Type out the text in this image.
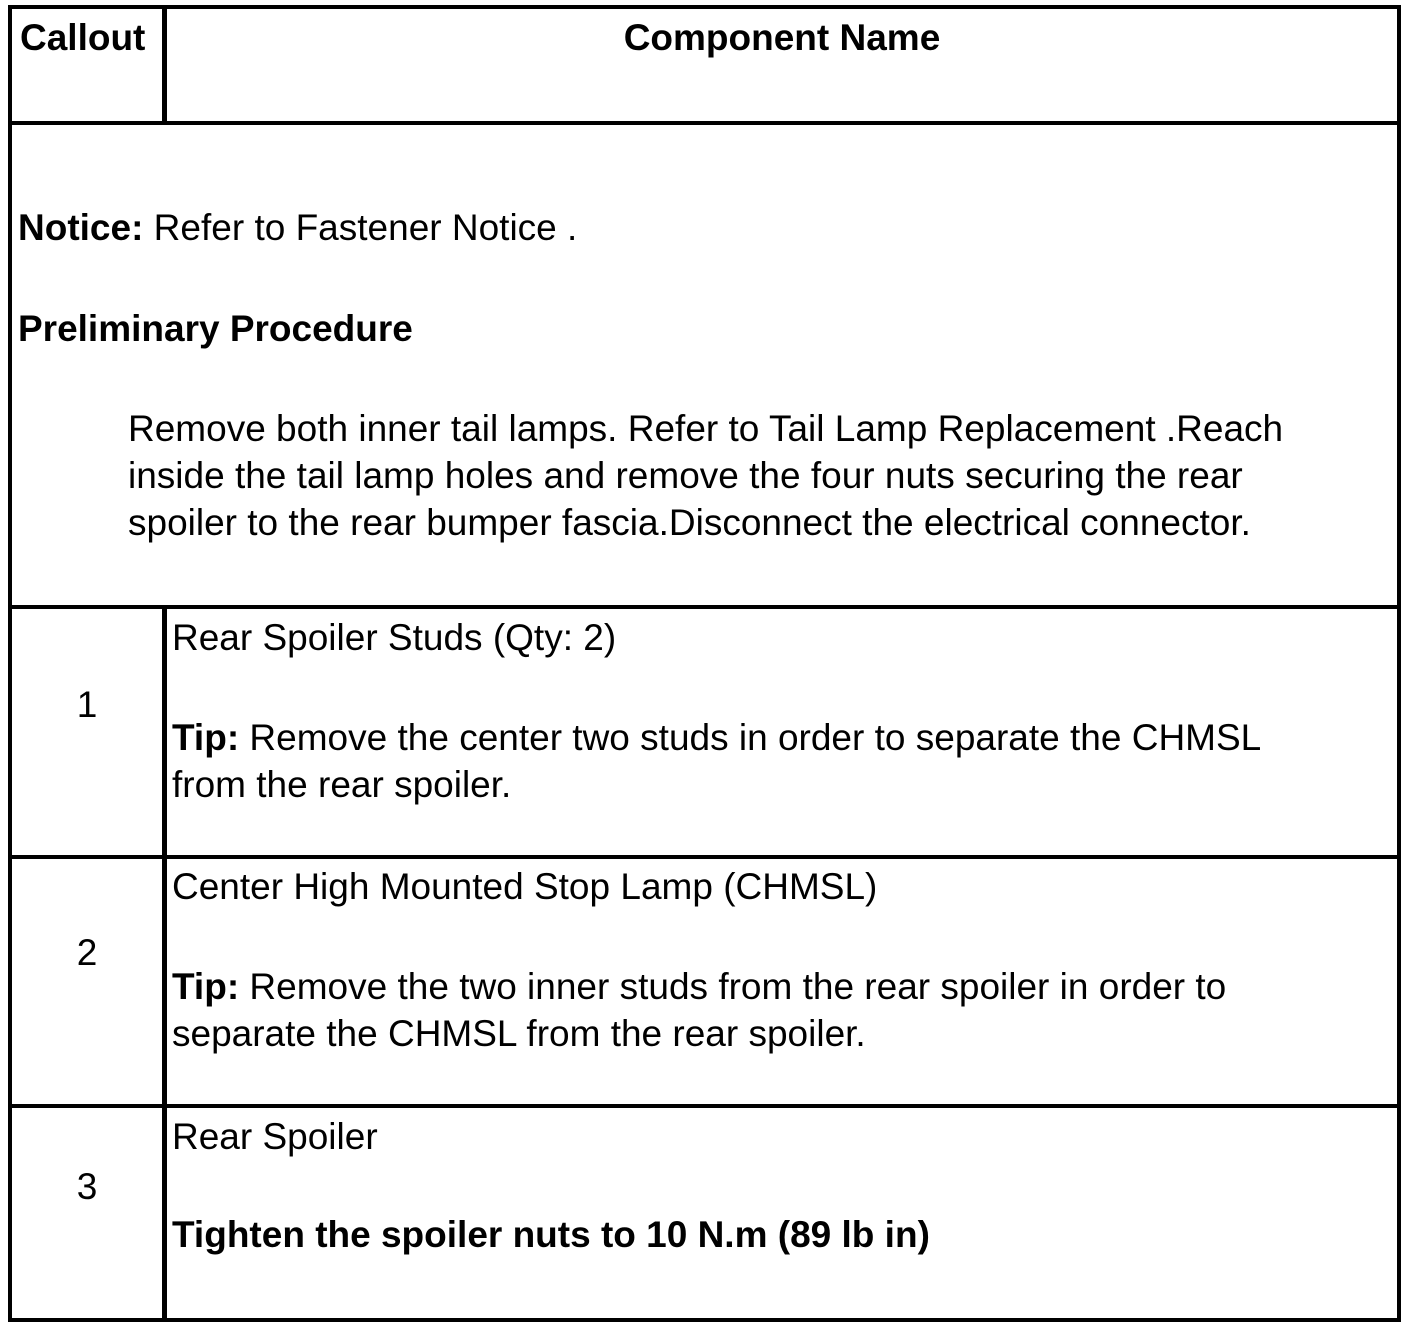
Callout	Component Name
Notice: Refer to Fastener Notice .
Preliminary Procedure
Remove both inner tail lamps. Refer to Tail Lamp Replacement .Reach
inside the tail lamp holes and remove the four nuts securing the rear
spoiler to the rear bumper fascia.Disconnect the electrical connector.
1
Rear Spoiler Studs (Qty: 2)
Tip: Remove the center two studs in order to separate the CHMSL
from the rear spoiler.
2
Center High Mounted Stop Lamp (CHMSL)
Tip: Remove the two inner studs from the rear spoiler in order to
separate the CHMSL from the rear spoiler.
3
Rear Spoiler
Tighten the spoiler nuts to 10 N.m (89 lb in)
